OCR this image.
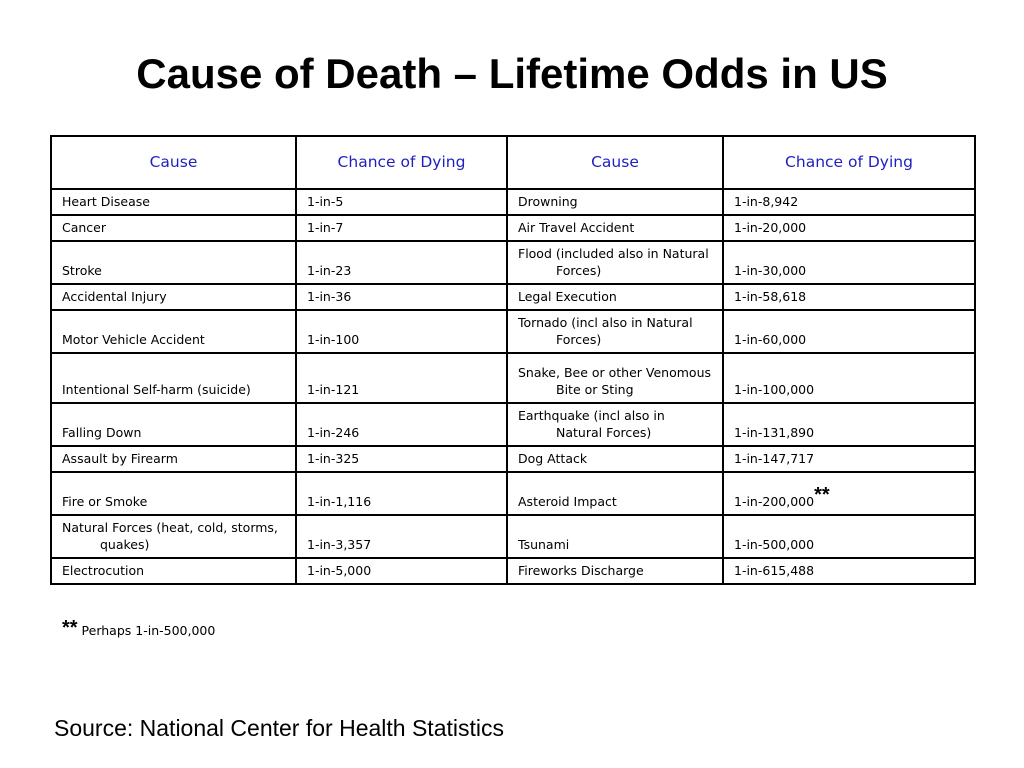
Cause of Death – Lifetime Odds in US
Cause	Chance of Dying	Cause	Chance of Dying
Heart Disease	1-in-5	Drowning	1-in-8,942
Cancer	1-in-7	Air Travel Accident	1-in-20,000
Stroke	1-in-23	Flood (included also in Natural Forces)	1-in-30,000
Accidental Injury	1-in-36	Legal Execution	1-in-58,618
Motor Vehicle Accident	1-in-100	Tornado (incl also in Natural Forces)	1-in-60,000
Intentional Self-harm (suicide)	1-in-121	Snake, Bee or other Venomous Bite or Sting	1-in-100,000
Falling Down	1-in-246	Earthquake (incl also in Natural Forces)	1-in-131,890
Assault by Firearm	1-in-325	Dog Attack	1-in-147,717
Fire or Smoke	1-in-1,116	Asteroid Impact	1-in-200,000**

Natural Forces (heat, cold, storms, quakes)	1-in-3,357	Tsunami	1-in-500,000
Electrocution	1-in-5,000	Fireworks Discharge	1-in-615,488
** Perhaps 1-in-500,000
Source: National Center for Health Statistics
